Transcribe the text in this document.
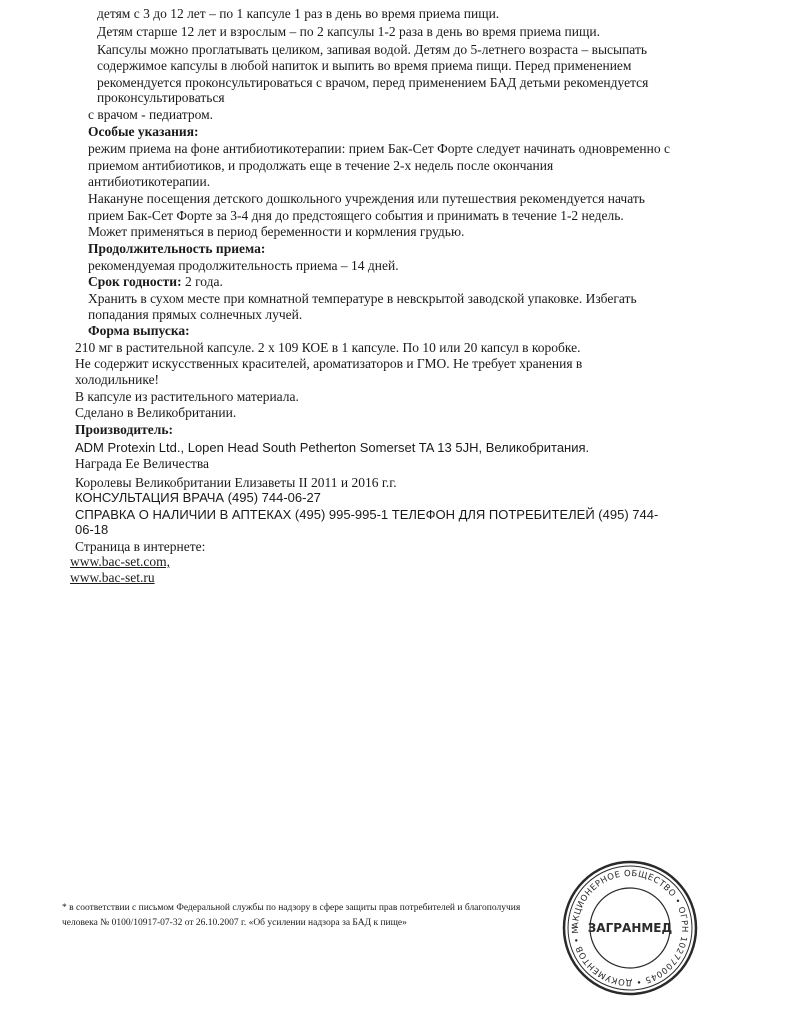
детям с 3 до 12 лет – по 1 капсуле 1 раз в день во время приема пищи.
Детям старше 12 лет и взрослым – по 2 капсулы 1-2 раза в день во время приема пищи.
Капсулы можно проглатывать целиком, запивая водой. Детям до 5-летнего возраста – высыпать
содержимое капсулы в любой напиток и выпить во время приема пищи. Перед применением
рекомендуется проконсультироваться с врачом, перед применением БАД детьми рекомендуется
проконсультироваться
с врачом - педиатром.
Особые указания:
режим приема на фоне антибиотикотерапии: прием Бак-Сет Форте следует начинать одновременно с
приемом антибиотиков, и продолжать еще в течение 2-х недель после окончания
антибиотикотерапии.
Накануне посещения детского дошкольного учреждения или путешествия рекомендуется начать
прием Бак-Сет Форте за 3-4 дня до предстоящего события и принимать в течение 1-2 недель.
Может применяться в период беременности и кормления грудью.
Продолжительность приема:
рекомендуемая продолжительность приема – 14 дней.
Срок годности: 2 года.
Хранить в сухом месте при комнатной температуре в невскрытой заводской упаковке. Избегать
попадания прямых солнечных лучей.
Форма выпуска:
210 мг в растительной капсуле. 2 х 109 КОЕ в 1 капсуле. По 10 или 20 капсул в коробке.
Не содержит искусственных красителей, ароматизаторов и ГМО. Не требует хранения в
холодильнике!
В капсуле из растительного материала.
Сделано в Великобритании.
Производитель:
ADM Protexin Ltd., Lopen Head South Petherton Somerset TA 13 5JH, Великобритания.
Награда Ее Величества
Королевы Великобритании Елизаветы II 2011 и 2016 г.г.
КОНСУЛЬТАЦИЯ ВРАЧА (495) 744-06-27
СПРАВКА О НАЛИЧИИ В АПТЕКАХ (495) 995-995-1 ТЕЛЕФОН ДЛЯ ПОТРЕБИТЕЛЕЙ (495) 744-
06-18
Страница в интернете:
www.bac-set.com,
www.bac-set.ru
* в соответствии с письмом Федеральной службы по надзору в сфере защиты прав потребителей и благополучия
человека № 0100/10917-07-32 от 26.10.2007 г. «Об усилении надзора за БАД к пище»	АКЦИОНЕРНОЕ ОБЩЕСТВО • ОГРН 1027700045 • ДОКУМЕНТОВ • М ЗАГРАНМЕД
